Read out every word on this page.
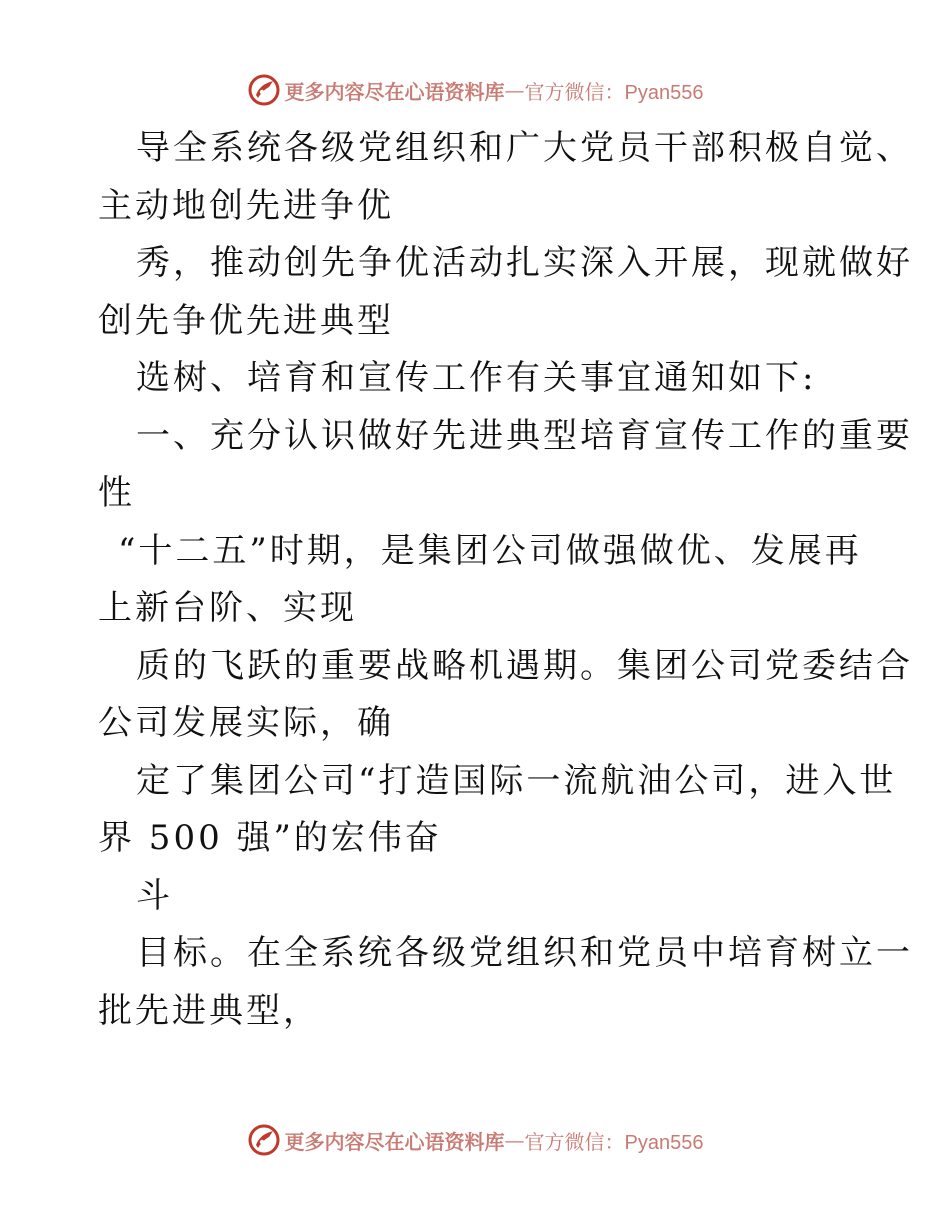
更多内容尽在心语资料库 — 官方微信：Pyan556
导全系统各级党组织和广大党员干部积极自觉、
主动地创先进争优
秀，推动创先争优活动扎实深入开展，现就做好
创先争优先进典型
选树、培育和宣传工作有关事宜通知如下:
一、充分认识做好先进典型培育宣传工作的重要
性
“十二五”时期，是集团公司做强做优、发展再
上新台阶、实现
质的飞跃的重要战略机遇期。集团公司党委结合
公司发展实际，确
定了集团公司“打造国际一流航油公司，进入世
界 500 强”的宏伟奋
斗
目标。在全系统各级党组织和党员中培育树立一
批先进典型，
更多内容尽在心语资料库 — 官方微信：Pyan556
